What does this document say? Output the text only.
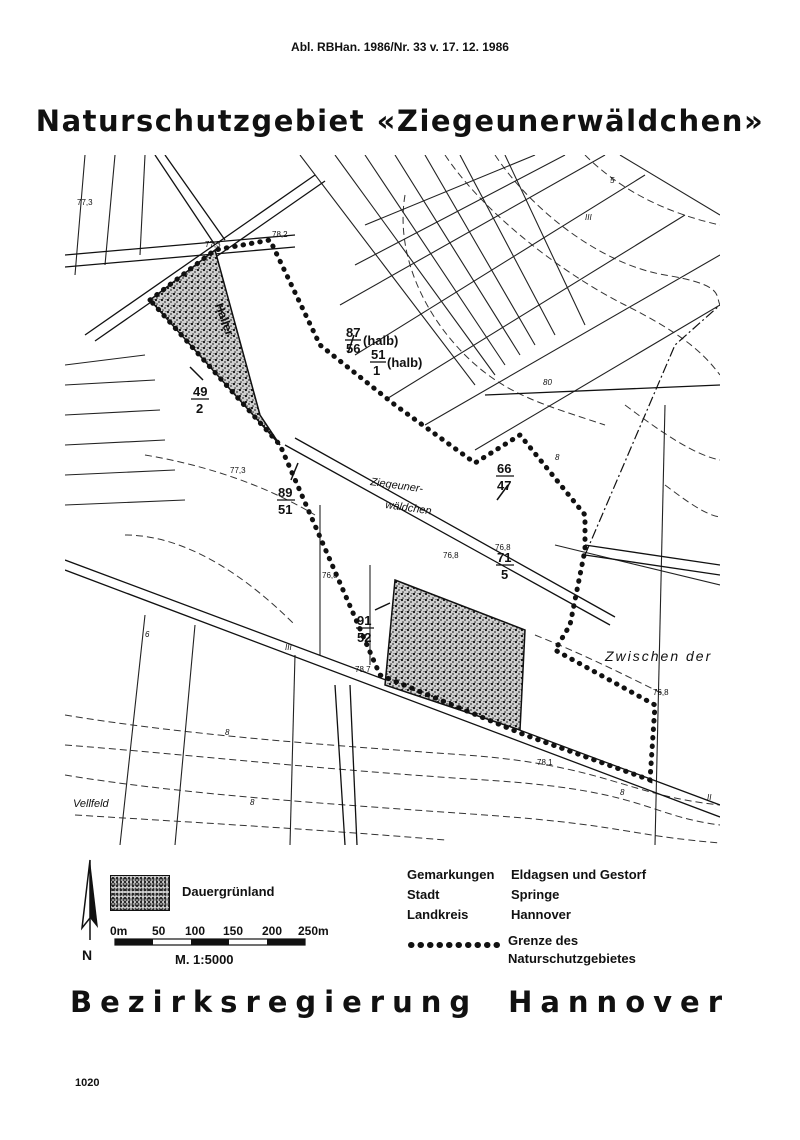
Abl. RBHan. 1986/Nr. 33 v. 17. 12. 1986
Naturschutzgebiet «Ziegeunerwäldchen»
Haller
Ziegeuner-
wäldchen
Zwischen der
Vellfeld
87
56
(halb)
51
1
(halb)
49
2
66
47
89
51
71
5
91
52
77,3
77,3
78,2
77,3
76,8
76,8
76,8
78,7
78,1
76,8
80
8
8
8
8
5
6
III
III
II
Dauergrünland
N
0m 50 100 150 200 250m
M. 1:5000
Gemarkungen	Eldagsen und Gestorf
Stadt	Springe
Landkreis	Hannover
Grenze des
Naturschutzgebietes
Bezirksregierung Hannover
1020
